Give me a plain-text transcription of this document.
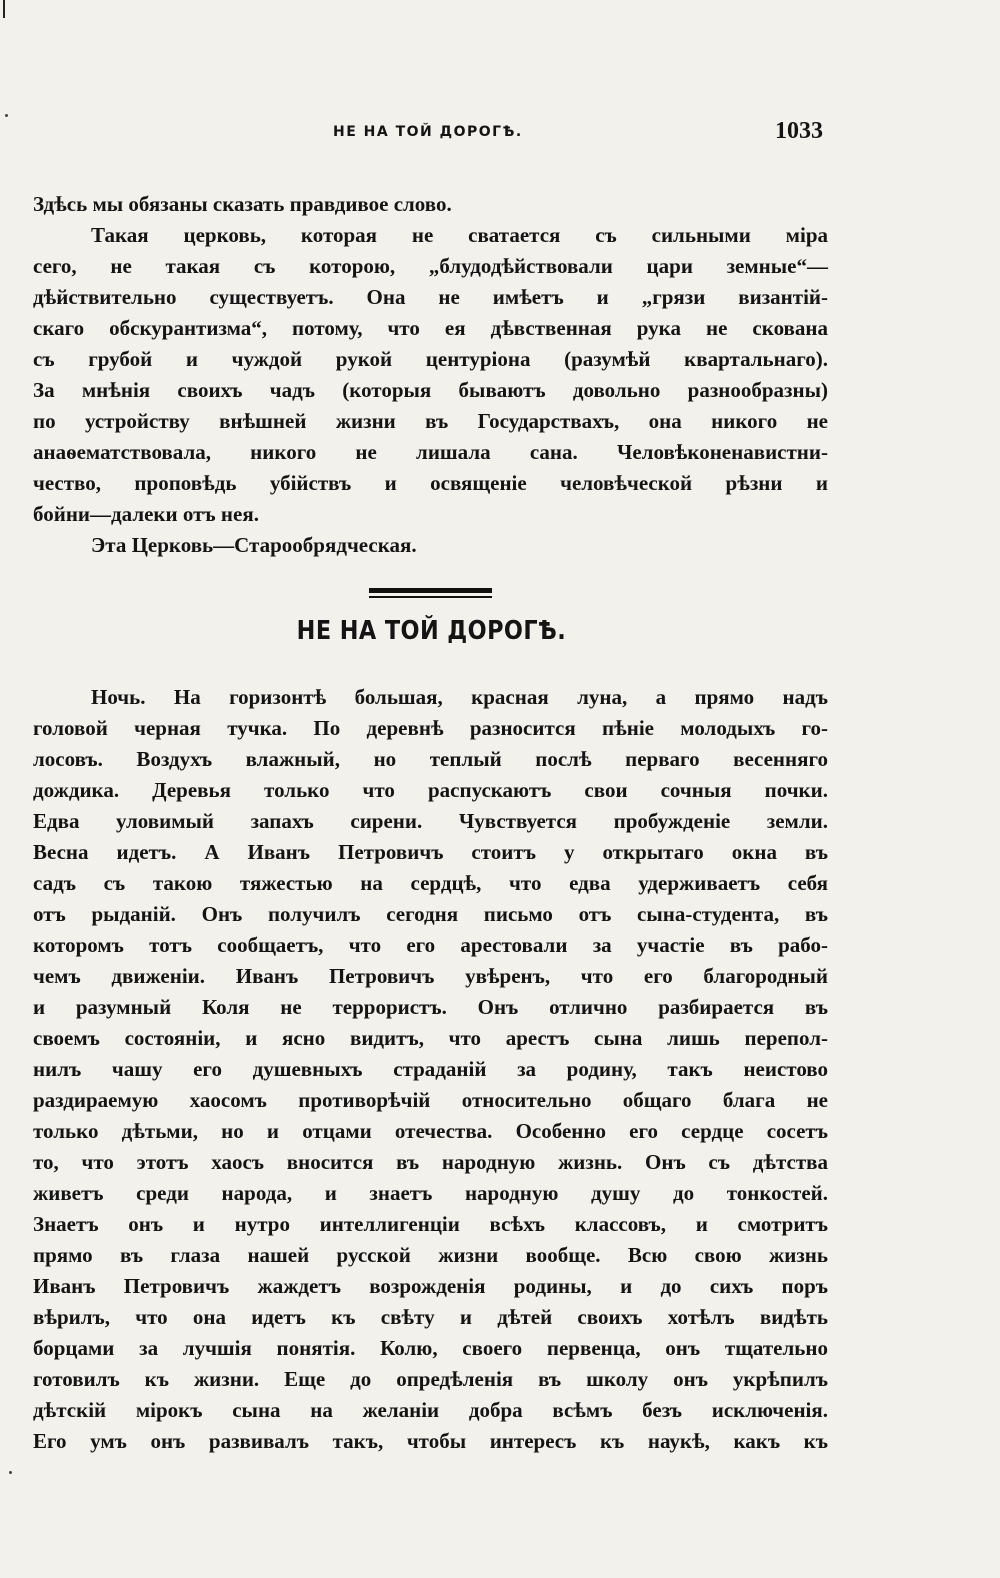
НЕ НА ТОЙ ДОРОГѢ.	1033
Здѣсь мы обязаны сказать правдивое слово.
Такая церковь, которая не сватается съ сильными міра
сего, не такая съ которою, „блудодѣйствовали цари земные“—
дѣйствительно существуетъ. Она не имѣетъ и „грязи византій-
скаго обскурантизма“, потому, что ея дѣвственная рука не скована
съ грубой и чуждой рукой центуріона (разумѣй квартальнаго).
За мнѣнія своихъ чадъ (которыя бываютъ довольно разнообразны)
по устройству внѣшней жизни въ Государствахъ, она никого не
анаѳематствовала, никого не лишала сана. Человѣконенавистни-
чество, проповѣдь убійствъ и освященіе человѣческой рѣзни и
бойни—далеки отъ нея.
Эта Церковь—Старообрядческая.
НЕ НА ТОЙ ДОРОГѢ.
Ночь. На горизонтѣ большая, красная луна, а прямо надъ
головой черная тучка. По деревнѣ разносится пѣніе молодыхъ го-
лосовъ. Воздухъ влажный, но теплый послѣ перваго весенняго
дождика. Деревья только что распускаютъ свои сочныя почки.
Едва уловимый запахъ сирени. Чувствуется пробужденіе земли.
Весна идетъ. А Иванъ Петровичъ стоитъ у открытаго окна въ
садъ съ такою тяжестью на сердцѣ, что едва удерживаетъ себя
отъ рыданій. Онъ получилъ сегодня письмо отъ сына-студента, въ
которомъ тотъ сообщаетъ, что его арестовали за участіе въ рабо-
чемъ движеніи. Иванъ Петровичъ увѣренъ, что его благородный
и разумный Коля не террористъ. Онъ отлично разбирается въ
своемъ состояніи, и ясно видитъ, что арестъ сына лишь перепол-
нилъ чашу его душевныхъ страданій за родину, такъ неистово
раздираемую хаосомъ противорѣчій относительно общаго блага не
только дѣтьми, но и отцами отечества. Особенно его сердце сосетъ
то, что этотъ хаосъ вносится въ народную жизнь. Онъ съ дѣтства
живетъ среди народа, и знаетъ народную душу до тонкостей.
Знаетъ онъ и нутро интеллигенціи всѣхъ классовъ, и смотритъ
прямо въ глаза нашей русской жизни вообще. Всю свою жизнь
Иванъ Петровичъ жаждетъ возрожденія родины, и до сихъ поръ
вѣрилъ, что она идетъ къ свѣту и дѣтей своихъ хотѣлъ видѣть
борцами за лучшія понятія. Колю, своего первенца, онъ тщательно
готовилъ къ жизни. Еще до опредѣленія въ школу онъ укрѣпилъ
дѣтскій мірокъ сына на желаніи добра всѣмъ безъ исключенія.
Его умъ онъ развивалъ такъ, чтобы интересъ къ наукѣ, какъ къ
